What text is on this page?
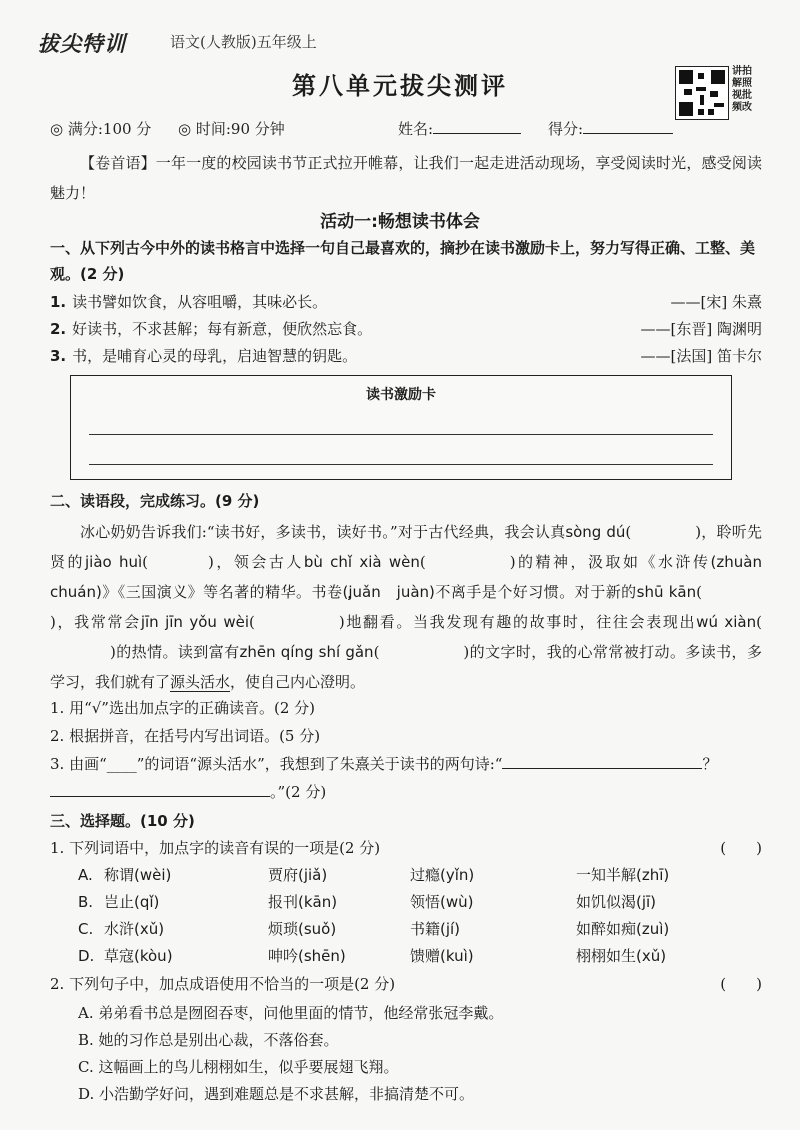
拔尖特训	语文(人教版)五年级上
第八单元拔尖测评	讲拍
解照
视批
频改
◎ 满分:100 分 ◎ 时间:90 分钟	姓名:	得分:
【卷首语】一年一度的校园读书节正式拉开帷幕，让我们一起走进活动现场，享受阅读时光，感受阅读魅力！
活动一:畅想读书体会
一、从下列古今中外的读书格言中选择一句自己最喜欢的，摘抄在读书激励卡上，努力写得正确、工整、美观。(2 分)
1. 读书譬如饮食，从容咀嚼，其味必长。	——[宋] 朱熹
2. 好读书，不求甚解；每有新意，便欣然忘食。	——[东晋] 陶渊明
3. 书，是哺育心灵的母乳，启迪智慧的钥匙。	——[法国] 笛卡尔
读书激励卡
二、读语段，完成练习。(9 分)
冰心奶奶告诉我们:“读书好，多读书，读好书。”对于古代经典，我会认真sòng dú(	)，聆听先贤的jiào huì(	)，领会古人bù chǐ xià wèn(	)的精神，汲取如《水浒传(zhuàn　chuán)》《三国演义》等名著的精华。书卷(juǎn　juàn)不离手是个好习惯。对于新的shū kān()，我常常会jīn jīn yǒu wèi(	)地翻看。当我发现有趣的故事时，往往会表现出wú xiàn()的热情。读到富有zhēn qíng shí gǎn(	)的文字时，我的心常常被打动。多读书，多学习，我们就有了源头活水，使自己内心澄明。
1. 用“√”选出加点字的正确读音。(2 分)
2. 根据拼音，在括号内写出词语。(5 分)
3. 由画“____”的词语“源头活水”，我想到了朱熹关于读书的两句诗:“	？
。”(2 分)
三、选择题。(10 分)
1. 下列词语中，加点字的读音有误的一项是(2 分)	(　　)
A. 称谓(wèi)	贾府(jiǎ)	过瘾(yǐn)	一知半解(zhī)
B. 岂止(qǐ)	报刊(kān)	领悟(wù)	如饥似渴(jī)
C. 水浒(xǔ)	烦琐(suǒ)	书籍(jí)	如醉如痴(zuì)
D. 草寇(kòu)	呻吟(shēn)	馈赠(kuì)	栩栩如生(xǔ)
2. 下列句子中，加点成语使用不恰当的一项是(2 分)	(　　)
A. 弟弟看书总是囫囵吞枣，问他里面的情节，他经常张冠李戴。
B. 她的习作总是别出心裁，不落俗套。
C. 这幅画上的鸟儿栩栩如生，似乎要展翅飞翔。
D. 小浩勤学好问，遇到难题总是不求甚解，非搞清楚不可。
